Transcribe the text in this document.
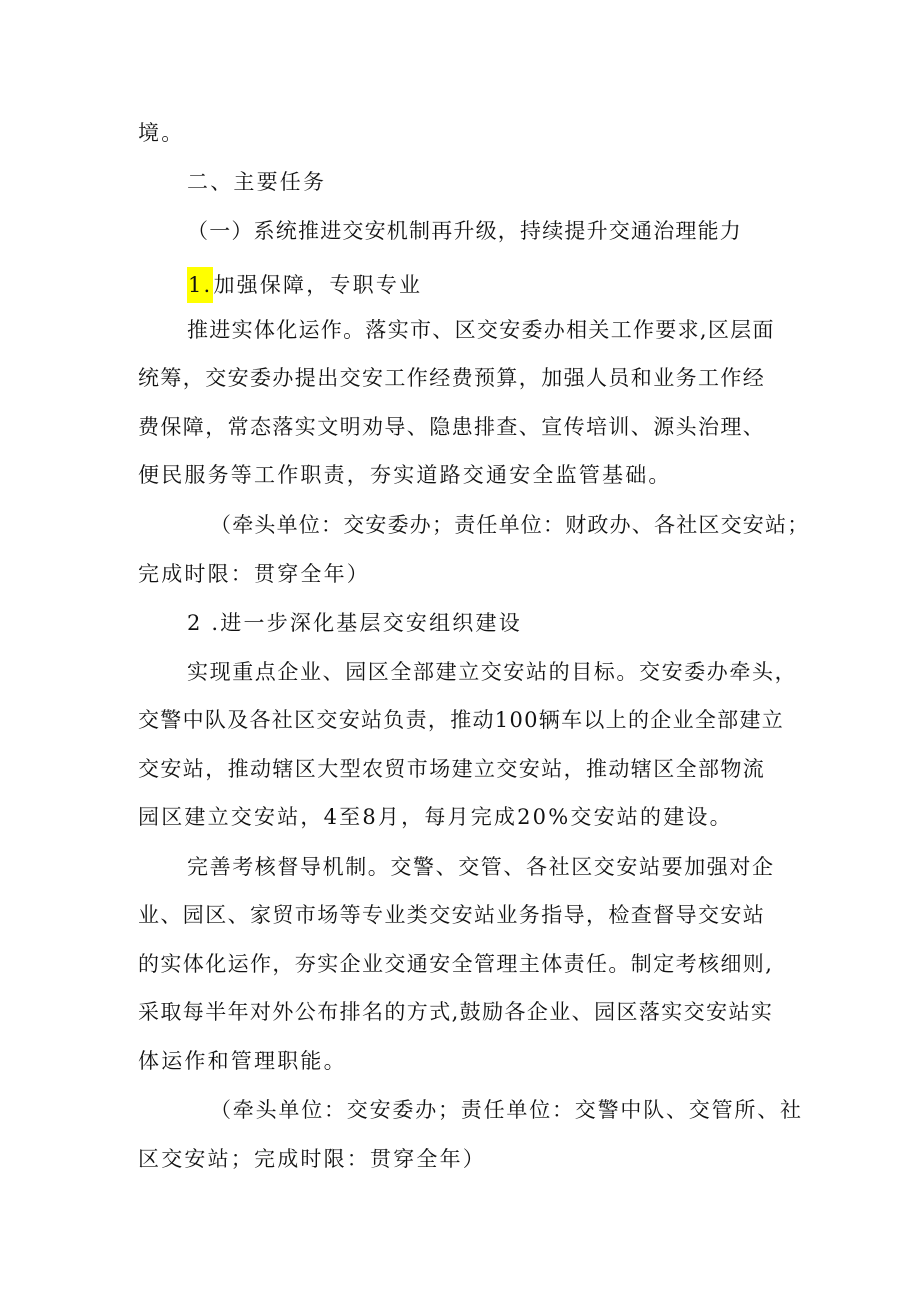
境。
二、主要任务
（一）系统推进交安机制再升级，持续提升交通治理能力
1.加强保障，专职专业
推进实体化运作。落实市、区交安委办相关工作要求,区层面
统筹，交安委办提出交安工作经费预算，加强人员和业务工作经
费保障，常态落实文明劝导、隐患排查、宣传培训、源头治理、
便民服务等工作职责，夯实道路交通安全监管基础。
（牵头单位：交安委办；责任单位：财政办、各社区交安站；
完成时限：贯穿全年）
2 .进一步深化基层交安组织建设
实现重点企业、园区全部建立交安站的目标。交安委办牵头，
交警中队及各社区交安站负责，推动100辆车以上的企业全部建立
交安站，推动辖区大型农贸市场建立交安站，推动辖区全部物流
园区建立交安站，4至8月，每月完成20%交安站的建设。
完善考核督导机制。交警、交管、各社区交安站要加强对企
业、园区、家贸市场等专业类交安站业务指导，检查督导交安站
的实体化运作，夯实企业交通安全管理主体责任。制定考核细则,
采取每半年对外公布排名的方式,鼓励各企业、园区落实交安站实
体运作和管理职能。
（牵头单位：交安委办；责任单位：交警中队、交管所、社
区交安站；完成时限：贯穿全年）
